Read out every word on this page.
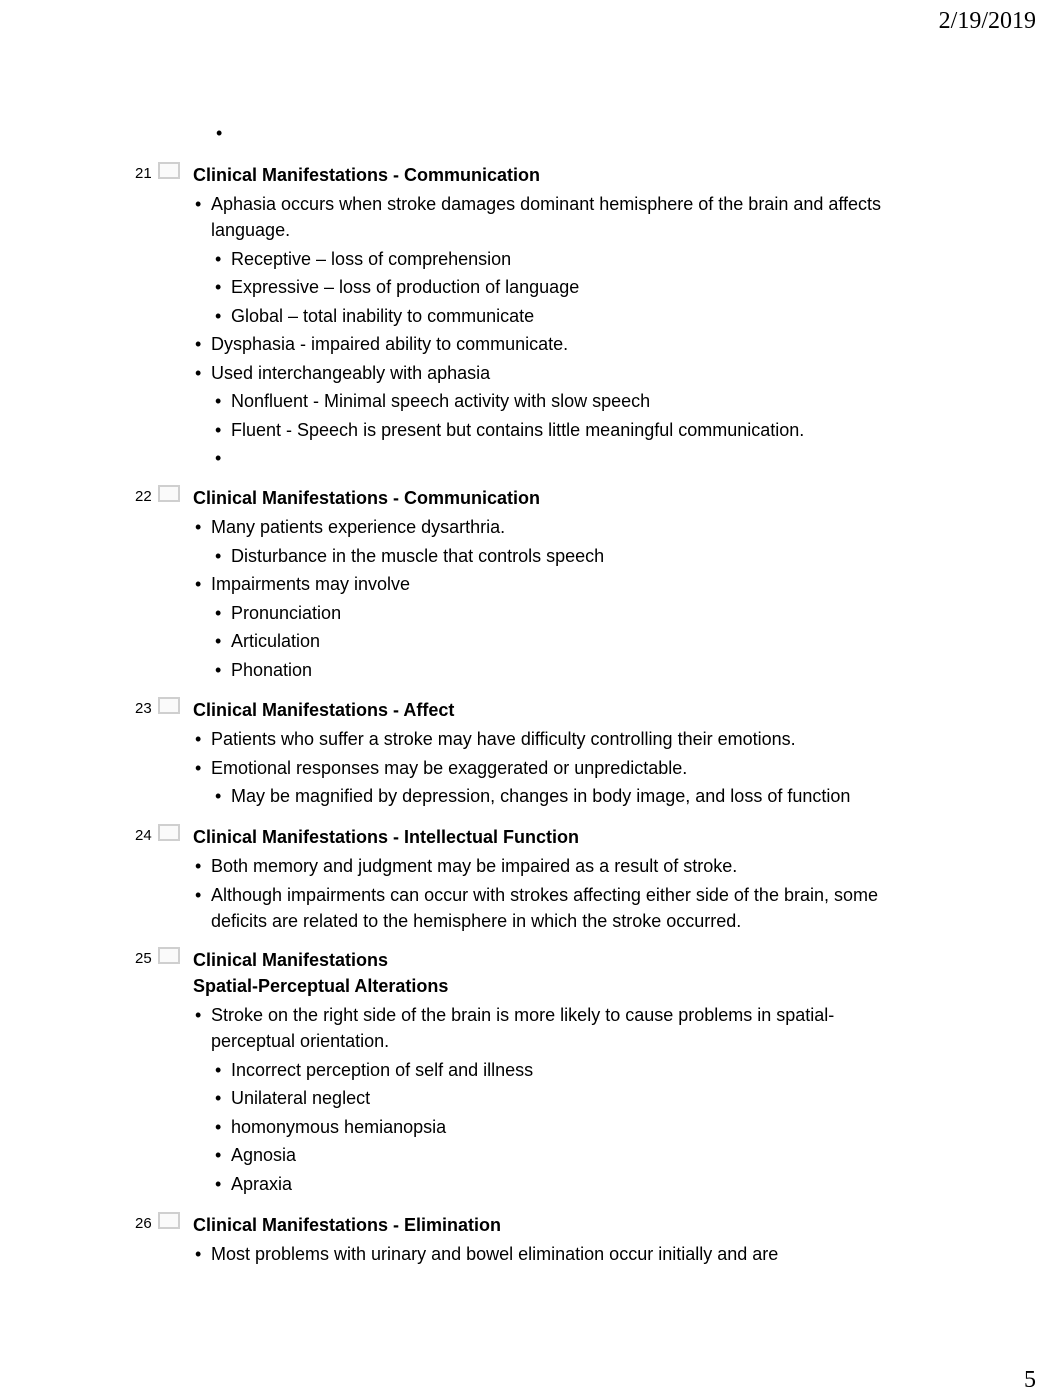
2/19/2019
•
21 Clinical Manifestations - Communication
• Aphasia occurs when stroke damages dominant hemisphere of the brain and affects language.
• Receptive – loss of comprehension
• Expressive – loss of production of language
• Global – total inability to communicate
• Dysphasia - impaired ability to communicate.
• Used interchangeably with aphasia
• Nonfluent - Minimal speech activity with slow speech
• Fluent - Speech is present but contains little meaningful communication.
22 Clinical Manifestations - Communication
• Many patients experience dysarthria.
• Disturbance in the muscle that controls speech
• Impairments may involve
• Pronunciation
• Articulation
• Phonation
23 Clinical Manifestations - Affect
• Patients who suffer a stroke may have difficulty controlling their emotions.
• Emotional responses may be exaggerated or unpredictable.
• May be magnified by depression, changes in body image, and loss of function
24 Clinical Manifestations - Intellectual Function
• Both memory and judgment may be impaired as a result of stroke.
• Although impairments can occur with strokes affecting either side of the brain, some deficits are related to the hemisphere in which the stroke occurred.
25 Clinical Manifestations
Spatial-Perceptual Alterations
• Stroke on the right side of the brain is more likely to cause problems in spatial-perceptual orientation.
• Incorrect perception of self and illness
• Unilateral neglect
• homonymous hemianopsia
• Agnosia
• Apraxia
26 Clinical Manifestations - Elimination
• Most problems with urinary and bowel elimination occur initially and are
5
